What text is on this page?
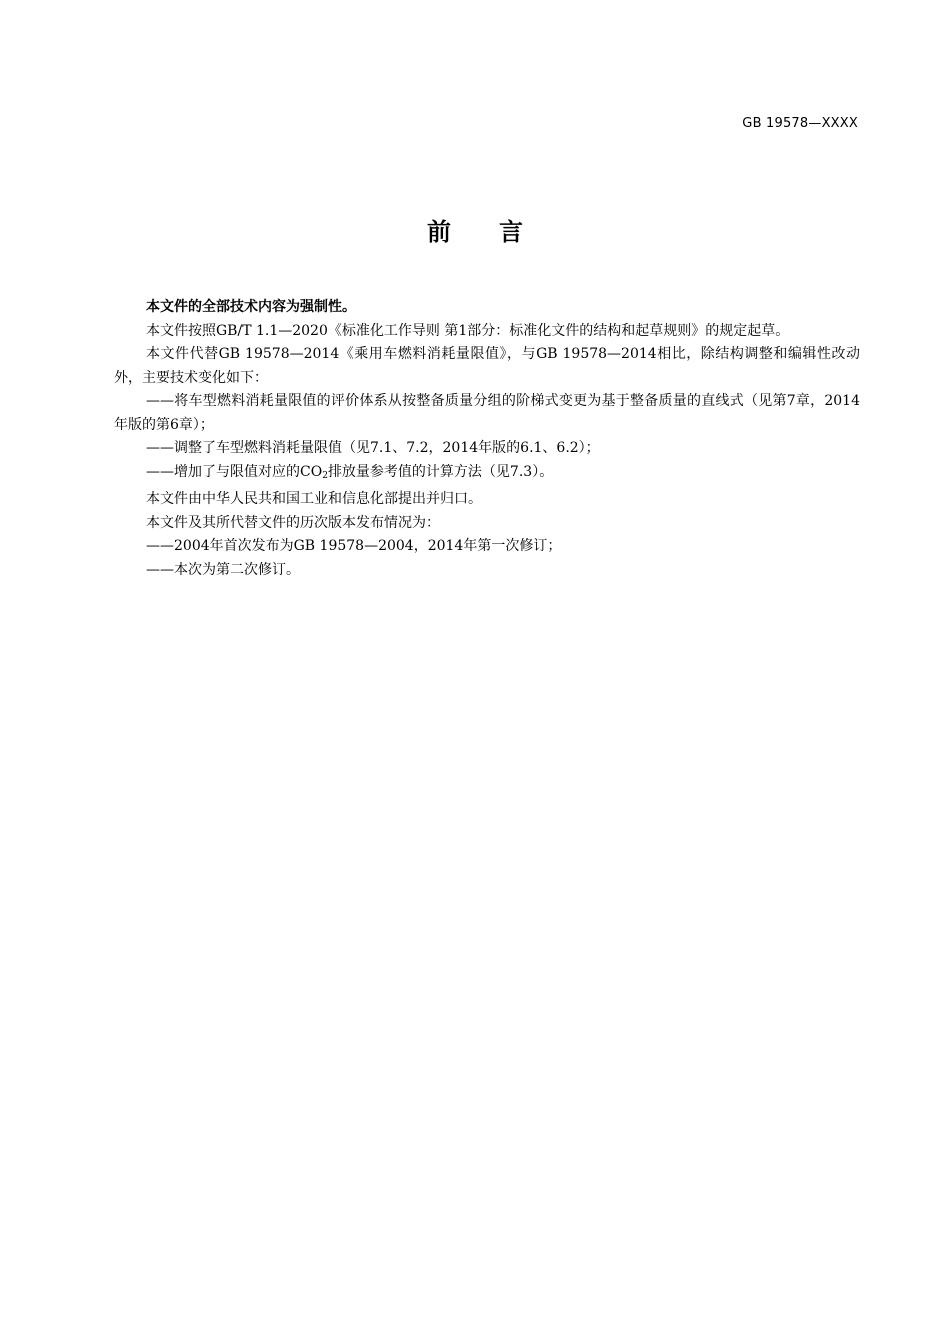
GB 19578—XXXX
前言

本文件的全部技术内容为强制性。

本文件按照GB/T 1.1—2020《标准化工作导则 第1部分：标准化文件的结构和起草规则》的规定起草。

本文件代替GB 19578—2014《乘用车燃料消耗量限值》，与GB 19578—2014相比，除结构调整和编辑性改动外，主要技术变化如下：

——将车型燃料消耗量限值的评价体系从按整备质量分组的阶梯式变更为基于整备质量的直线式（见第7章，2014年版的第6章）；

——调整了车型燃料消耗量限值（见7.1、7.2，2014年版的6.1、6.2）；

——增加了与限值对应的$CO_2$排放量参考值的计算方法（见7.3）。

本文件由中华人民共和国工业和信息化部提出并归口。

本文件及其所代替文件的历次版本发布情况为：

——2004年首次发布为GB 19578—2004，2014年第一次修订；

——本次为第二次修订。
